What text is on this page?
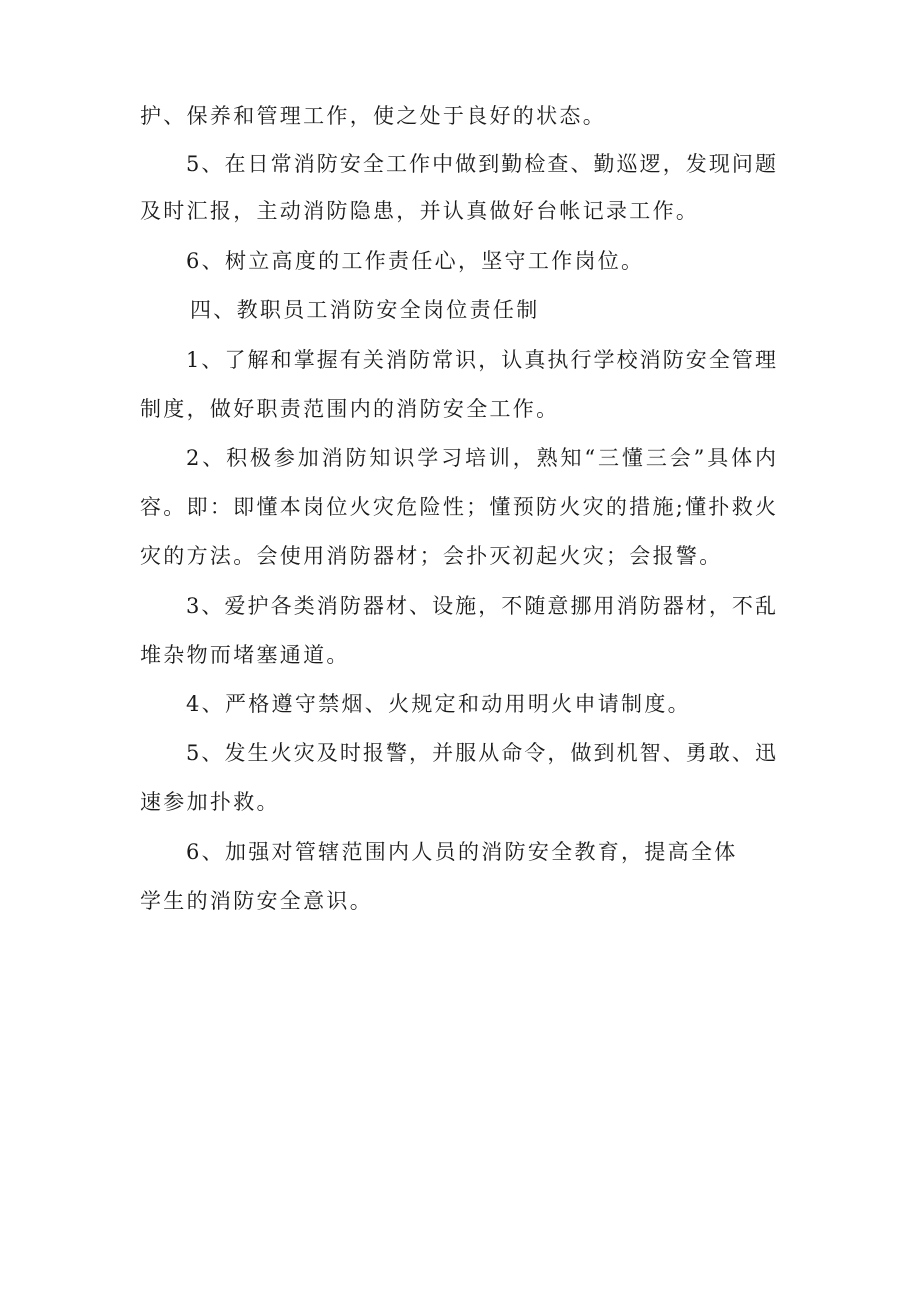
护、保养和管理工作，使之处于良好的状态。
5、在日常消防安全工作中做到勤检查、勤巡逻，发现问题
及时汇报，主动消防隐患，并认真做好台帐记录工作。
6、树立高度的工作责任心，坚守工作岗位。
四、教职员工消防安全岗位责任制
1、了解和掌握有关消防常识，认真执行学校消防安全管理
制度，做好职责范围内的消防安全工作。
2、积极参加消防知识学习培训，熟知“三懂三会”具体内
容。即：即懂本岗位火灾危险性；懂预防火灾的措施;懂扑救火
灾的方法。会使用消防器材；会扑灭初起火灾；会报警。
3、爱护各类消防器材、设施，不随意挪用消防器材，不乱
堆杂物而堵塞通道。
4、严格遵守禁烟、火规定和动用明火申请制度。
5、发生火灾及时报警，并服从命令，做到机智、勇敢、迅
速参加扑救。
6、加强对管辖范围内人员的消防安全教育，提高全体
学生的消防安全意识。
